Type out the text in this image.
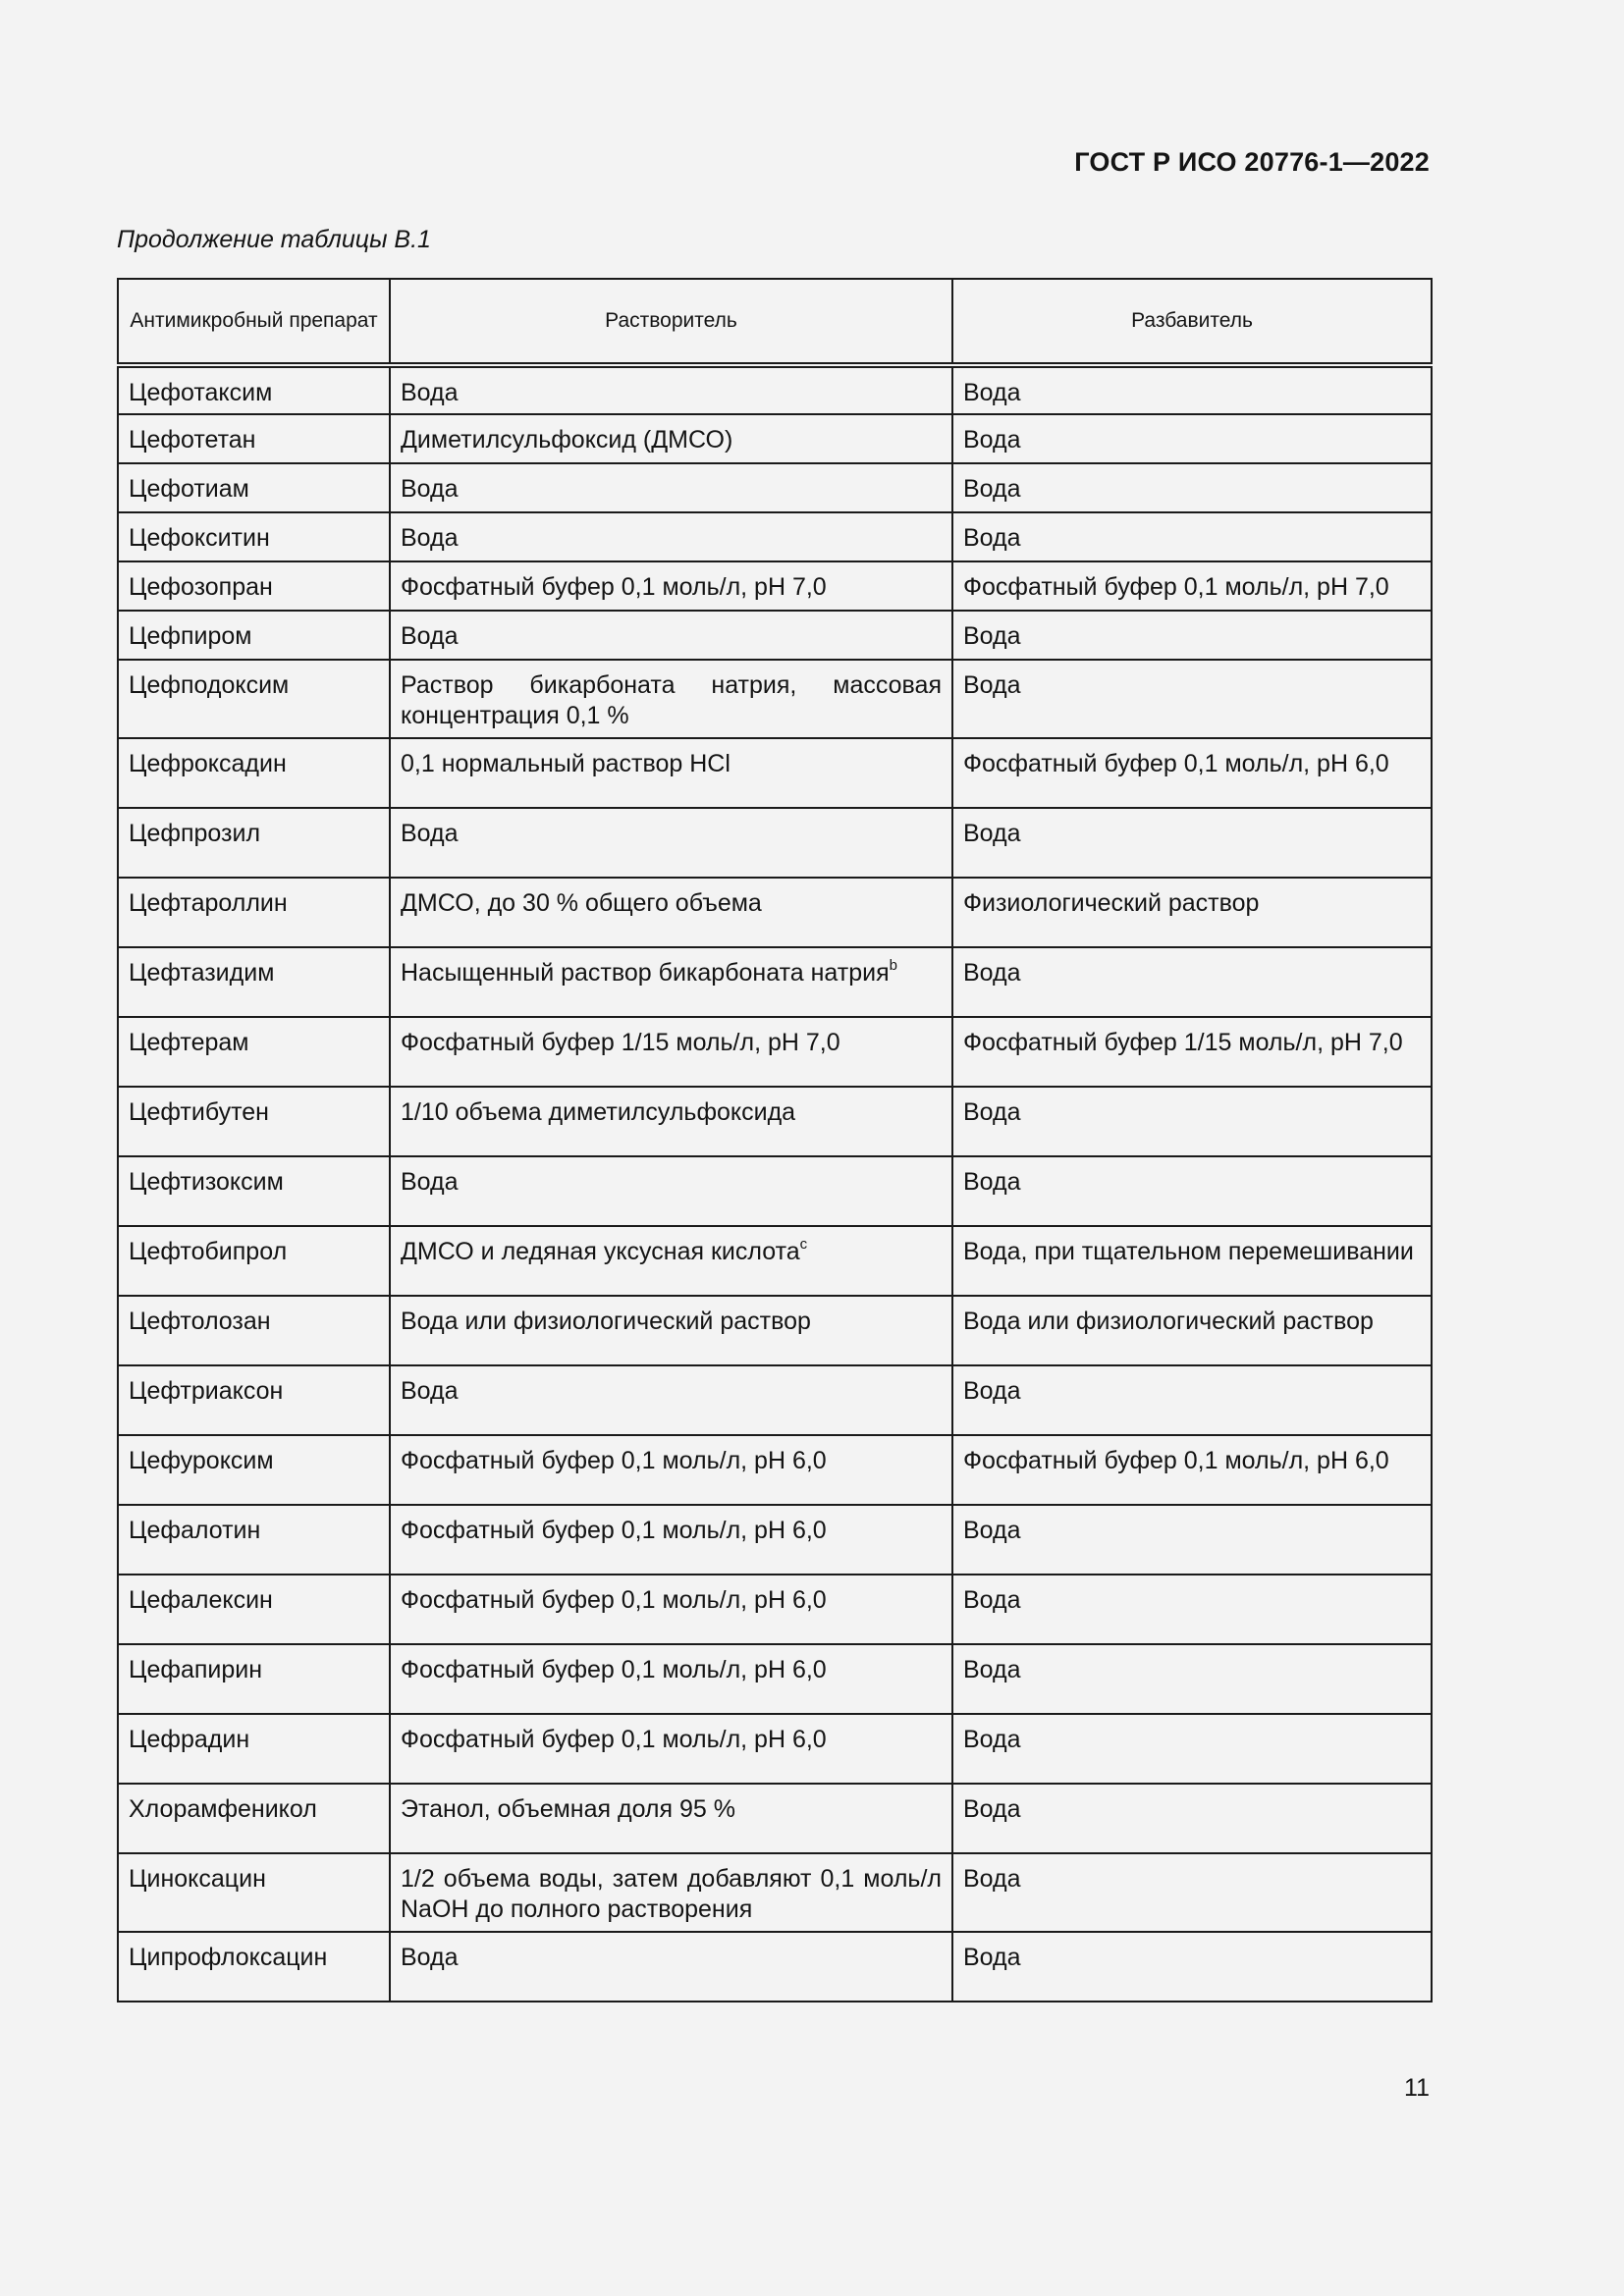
ГОСТ Р ИСО 20776-1—2022
Продолжение таблицы B.1
Антимикробный препарат	Растворитель	Разбавитель
Цефотаксим	Вода	Вода
Цефотетан	Диметилсульфоксид (ДМСО)	Вода
Цефотиам	Вода	Вода
Цефокситин	Вода	Вода
Цефозопран	Фосфатный буфер 0,1 моль/л, pH 7,0	Фосфатный буфер 0,1 моль/л, pH 7,0
Цефпиром	Вода	Вода
Цефподоксим	Раствор бикарбоната натрия, массовая концентрация 0,1 %	Вода
Цефроксадин	0,1 нормальный раствор HCl	Фосфатный буфер 0,1 моль/л, pH 6,0
Цефпрозил	Вода	Вода
Цефтароллин	ДМСО, до 30 % общего объема	Физиологический раствор
Цефтазидим	Насыщенный раствор бикарбоната натрия$^b$	Вода
Цефтерам	Фосфатный буфер 1/15 моль/л, pH 7,0	Фосфатный буфер 1/15 моль/л, pH 7,0
Цефтибутен	1/10 объема диметилсульфоксида	Вода
Цефтизоксим	Вода	Вода
Цефтобипрол	ДМСО и ледяная уксусная кислота$^c$	Вода, при тщательном перемешивании
Цефтолозан	Вода или физиологический раствор	Вода или физиологический раствор
Цефтриаксон	Вода	Вода
Цефуроксим	Фосфатный буфер 0,1 моль/л, pH 6,0	Фосфатный буфер 0,1 моль/л, pH 6,0
Цефалотин	Фосфатный буфер 0,1 моль/л, pH 6,0	Вода
Цефалексин	Фосфатный буфер 0,1 моль/л, pH 6,0	Вода
Цефапирин	Фосфатный буфер 0,1 моль/л, pH 6,0	Вода
Цефрадин	Фосфатный буфер 0,1 моль/л, pH 6,0	Вода
Хлорамфеникол	Этанол, объемная доля 95 %	Вода
Циноксацин	1/2 объема воды, затем добавляют 0,1 моль/л NaOH до полного растворения	Вода
Ципрофлоксацин	Вода	Вода
11
